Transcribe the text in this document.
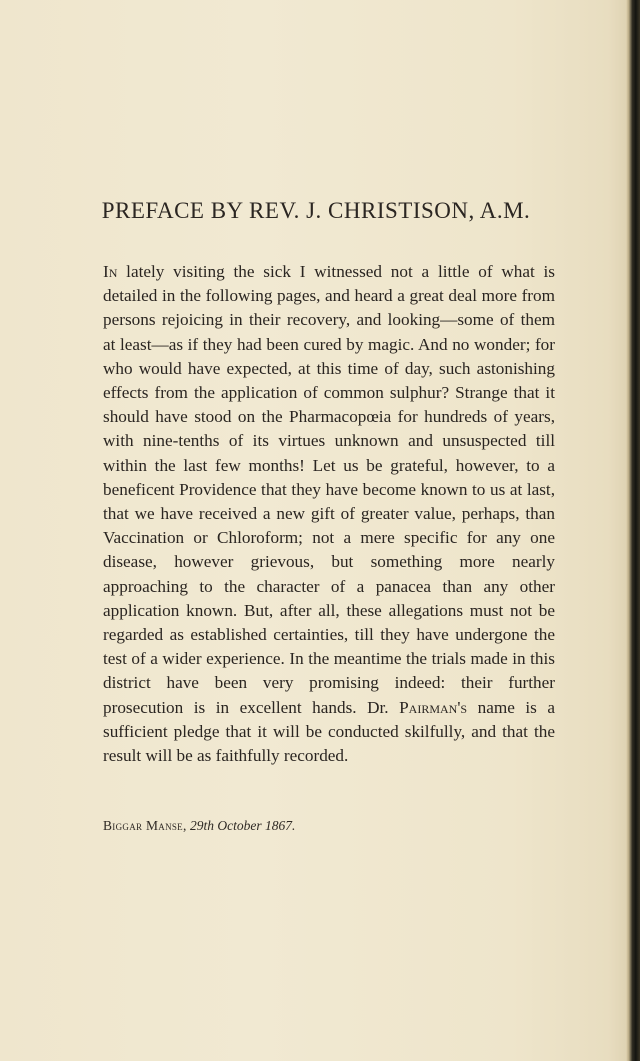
PREFACE BY REV. J. CHRISTISON, A.M.
In lately visiting the sick I witnessed not a little of what is detailed in the following pages, and heard a great deal more from persons rejoicing in their recovery, and looking—some of them at least—as if they had been cured by magic. And no wonder; for who would have expected, at this time of day, such astonishing effects from the application of common sulphur? Strange that it should have stood on the Pharmacopœia for hundreds of years, with nine-tenths of its virtues unknown and unsuspected till within the last few months! Let us be grateful, however, to a beneficent Providence that they have become known to us at last, that we have received a new gift of greater value, perhaps, than Vaccination or Chloroform; not a mere specific for any one disease, however grievous, but something more nearly approaching to the character of a panacea than any other application known. But, after all, these allegations must not be regarded as established certainties, till they have undergone the test of a wider experience. In the meantime the trials made in this district have been very promising indeed: their further prosecution is in excellent hands. Dr. Pairman's name is a sufficient pledge that it will be conducted skilfully, and that the result will be as faithfully recorded.
Biggar Manse, 29th October 1867.
